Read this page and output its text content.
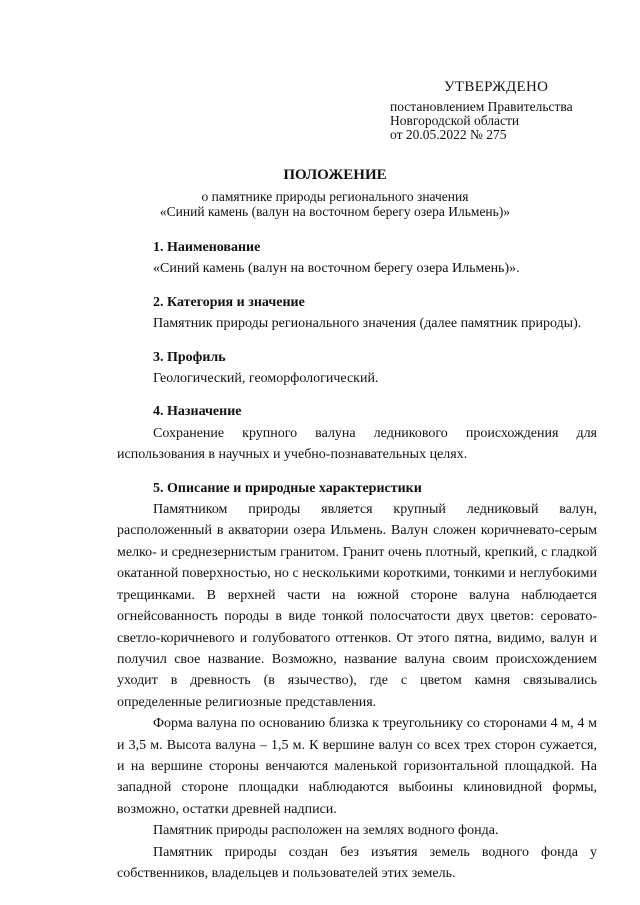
УТВЕРЖДЕНО
постановлением Правительства
Новгородской области
от 20.05.2022 № 275
ПОЛОЖЕНИЕ
о памятнике природы регионального значения
«Синий камень (валун на восточном берегу озера Ильмень)»
1. Наименование
«Синий камень (валун на восточном берегу озера Ильмень)».
2. Категория и значение
Памятник природы регионального значения (далее памятник природы).
3. Профиль
Геологический, геоморфологический.
4. Назначение

Сохранение крупного валуна ледникового происхождения для использования в научных и учебно-познавательных целях.

5. Описание и природные характеристики

Памятником природы является крупный ледниковый валун, расположенный в акватории озера Ильмень. Валун сложен коричневато-серым мелко- и среднезернистым гранитом. Гранит очень плотный, крепкий, с гладкой окатанной поверхностью, но с несколькими короткими, тонкими и неглубокими трещинками. В верхней части на южной стороне валуна наблюдается огнейсованность породы в виде тонкой полосчатости двух цветов: серовато-светло-коричневого и голубоватого оттенков. От этого пятна, видимо, валун и получил свое название. Возможно, название валуна своим происхождением уходит в древность (в язычество), где с цветом камня связывались определенные религиозные представления.

Форма валуна по основанию близка к треугольнику со сторонами 4 м, 4 м и 3,5 м. Высота валуна – 1,5 м. К вершине валун со всех трех сторон сужается, и на вершине стороны венчаются маленькой горизонтальной площадкой. На западной стороне площадки наблюдаются выбоины клиновидной формы, возможно, остатки древней надписи.

Памятник природы расположен на землях водного фонда.

Памятник природы создан без изъятия земель водного фонда у собственников, владельцев и пользователей этих земель.
